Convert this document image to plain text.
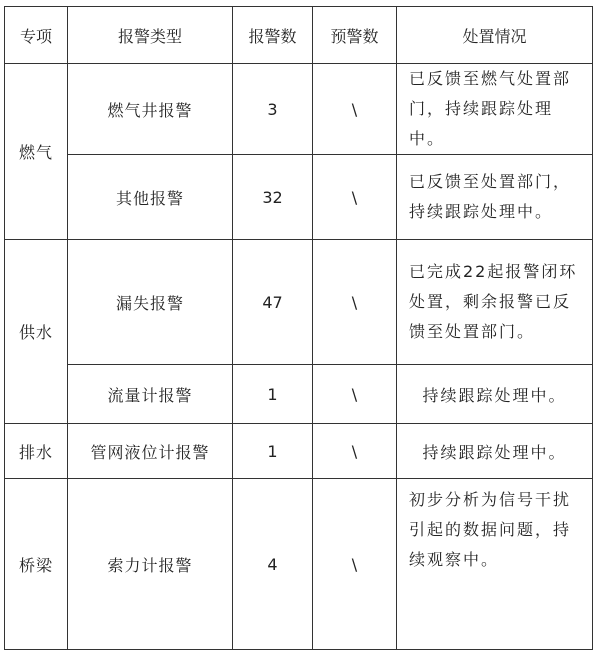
专项	报警类型	报警数	预警数	处置情况
燃气	燃气井报警	3	\	已反馈至燃气处置部门，持续跟踪处理中。
	其他报警	32	\	已反馈至处置部门，持续跟踪处理中。
供水	漏失报警	47	\	已完成22起报警闭环处置，剩余报警已反馈至处置部门。
	流量计报警	1	\	持续跟踪处理中。
排水	管网液位计报警	1	\	持续跟踪处理中。
桥梁	索力计报警	4	\	初步分析为信号干扰引起的数据问题，持续观察中。
